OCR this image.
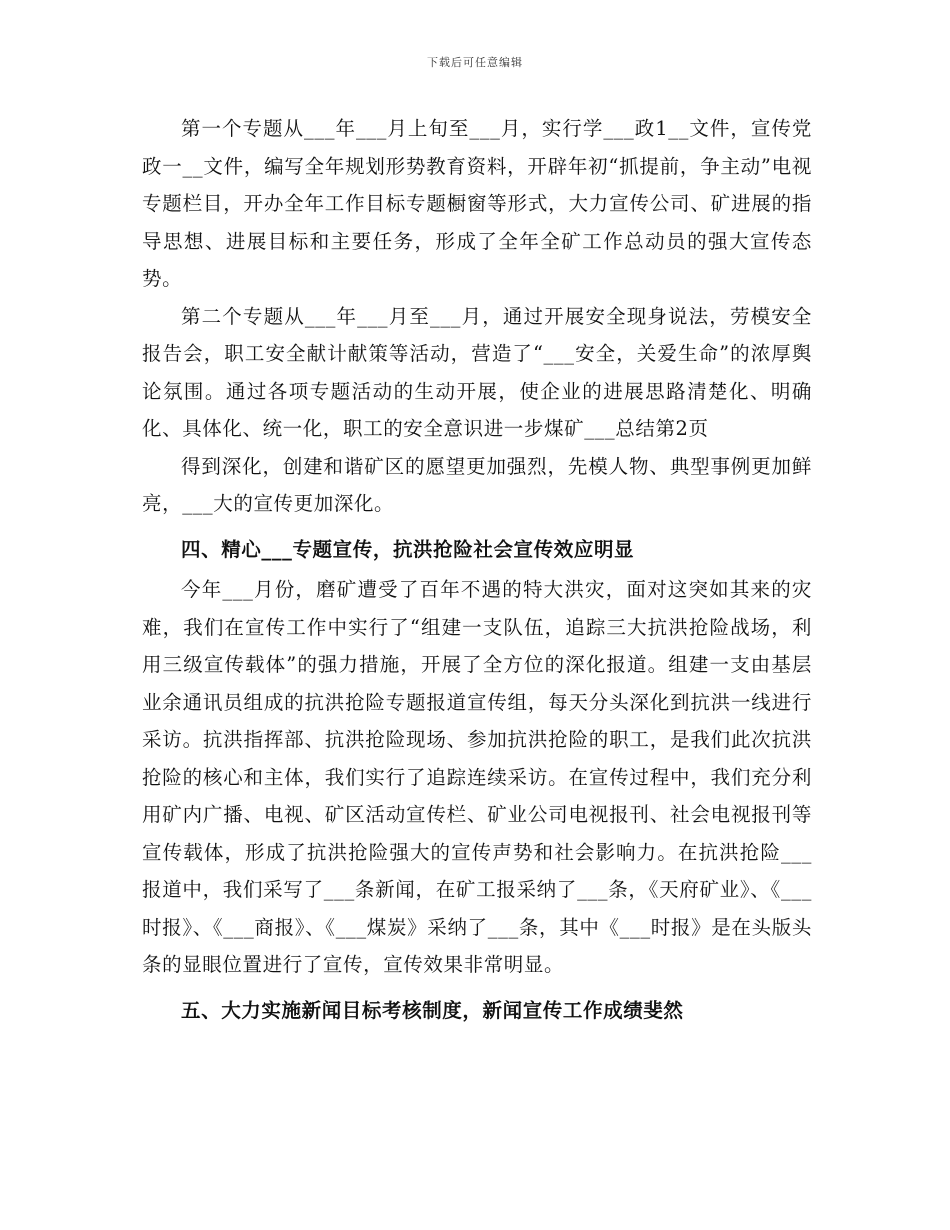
下载后可任意编辑

第一个专题从___年___月上旬至___月，实行学___政1__文件，宣传党政一__文件，编写全年规划形势教育资料，开辟年初“抓提前，争主动”电视专题栏目，开办全年工作目标专题橱窗等形式，大力宣传公司、矿进展的指导思想、进展目标和主要任务，形成了全年全矿工作总动员的强大宣传态势。

第二个专题从___年___月至___月，通过开展安全现身说法，劳模安全报告会，职工安全献计献策等活动，营造了“___安全，关爱生命”的浓厚舆论氛围。通过各项专题活动的生动开展，使企业的进展思路清楚化、明确化、具体化、统一化，职工的安全意识进一步煤矿___总结第2页

得到深化，创建和谐矿区的愿望更加强烈，先模人物、典型事例更加鲜亮，___大的宣传更加深化。

四、精心___专题宣传，抗洪抢险社会宣传效应明显

今年___月份，磨矿遭受了百年不遇的特大洪灾，面对这突如其来的灾难，我们在宣传工作中实行了“组建一支队伍，追踪三大抗洪抢险战场，利用三级宣传载体”的强力措施，开展了全方位的深化报道。组建一支由基层业余通讯员组成的抗洪抢险专题报道宣传组，每天分头深化到抗洪一线进行采访。抗洪指挥部、抗洪抢险现场、参加抗洪抢险的职工，是我们此次抗洪抢险的核心和主体，我们实行了追踪连续采访。在宣传过程中，我们充分利用矿内广播、电视、矿区活动宣传栏、矿业公司电视报刊、社会电视报刊等宣传载体，形成了抗洪抢险强大的宣传声势和社会影响力。在抗洪抢险___报道中，我们采写了___条新闻，在矿工报采纳了___条，《天府矿业》、《___时报》、《___商报》、《___煤炭》采纳了___条，其中《___时报》是在头版头条的显眼位置进行了宣传，宣传效果非常明显。

五、大力实施新闻目标考核制度，新闻宣传工作成绩斐然
